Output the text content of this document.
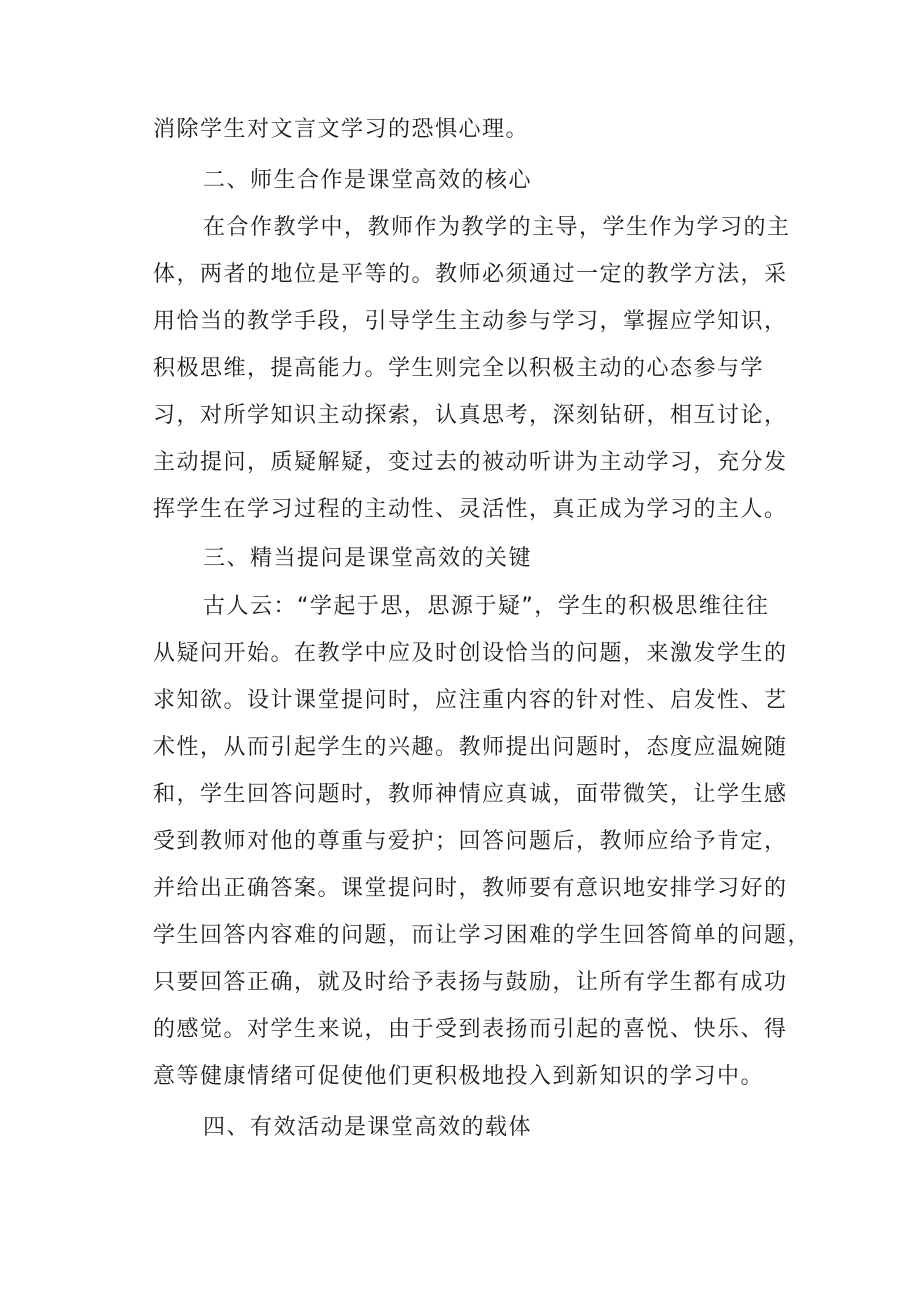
消除学生对文言文学习的恐惧心理。
二、师生合作是课堂高效的核心
在合作教学中，教师作为教学的主导，学生作为学习的主
体，两者的地位是平等的。教师必须通过一定的教学方法，采
用恰当的教学手段，引导学生主动参与学习，掌握应学知识，
积极思维，提高能力。学生则完全以积极主动的心态参与学
习，对所学知识主动探索，认真思考，深刻钻研，相互讨论，
主动提问，质疑解疑，变过去的被动听讲为主动学习，充分发
挥学生在学习过程的主动性、灵活性，真正成为学习的主人。
三、精当提问是课堂高效的关键
古人云：“学起于思，思源于疑”，学生的积极思维往往
从疑问开始。在教学中应及时创设恰当的问题，来激发学生的
求知欲。设计课堂提问时，应注重内容的针对性、启发性、艺
术性，从而引起学生的兴趣。教师提出问题时，态度应温婉随
和，学生回答问题时，教师神情应真诚，面带微笑，让学生感
受到教师对他的尊重与爱护；回答问题后，教师应给予肯定，
并给出正确答案。课堂提问时，教师要有意识地安排学习好的
学生回答内容难的问题，而让学习困难的学生回答简单的问题，
只要回答正确，就及时给予表扬与鼓励，让所有学生都有成功
的感觉。对学生来说，由于受到表扬而引起的喜悦、快乐、得
意等健康情绪可促使他们更积极地投入到新知识的学习中。
四、有效活动是课堂高效的载体
